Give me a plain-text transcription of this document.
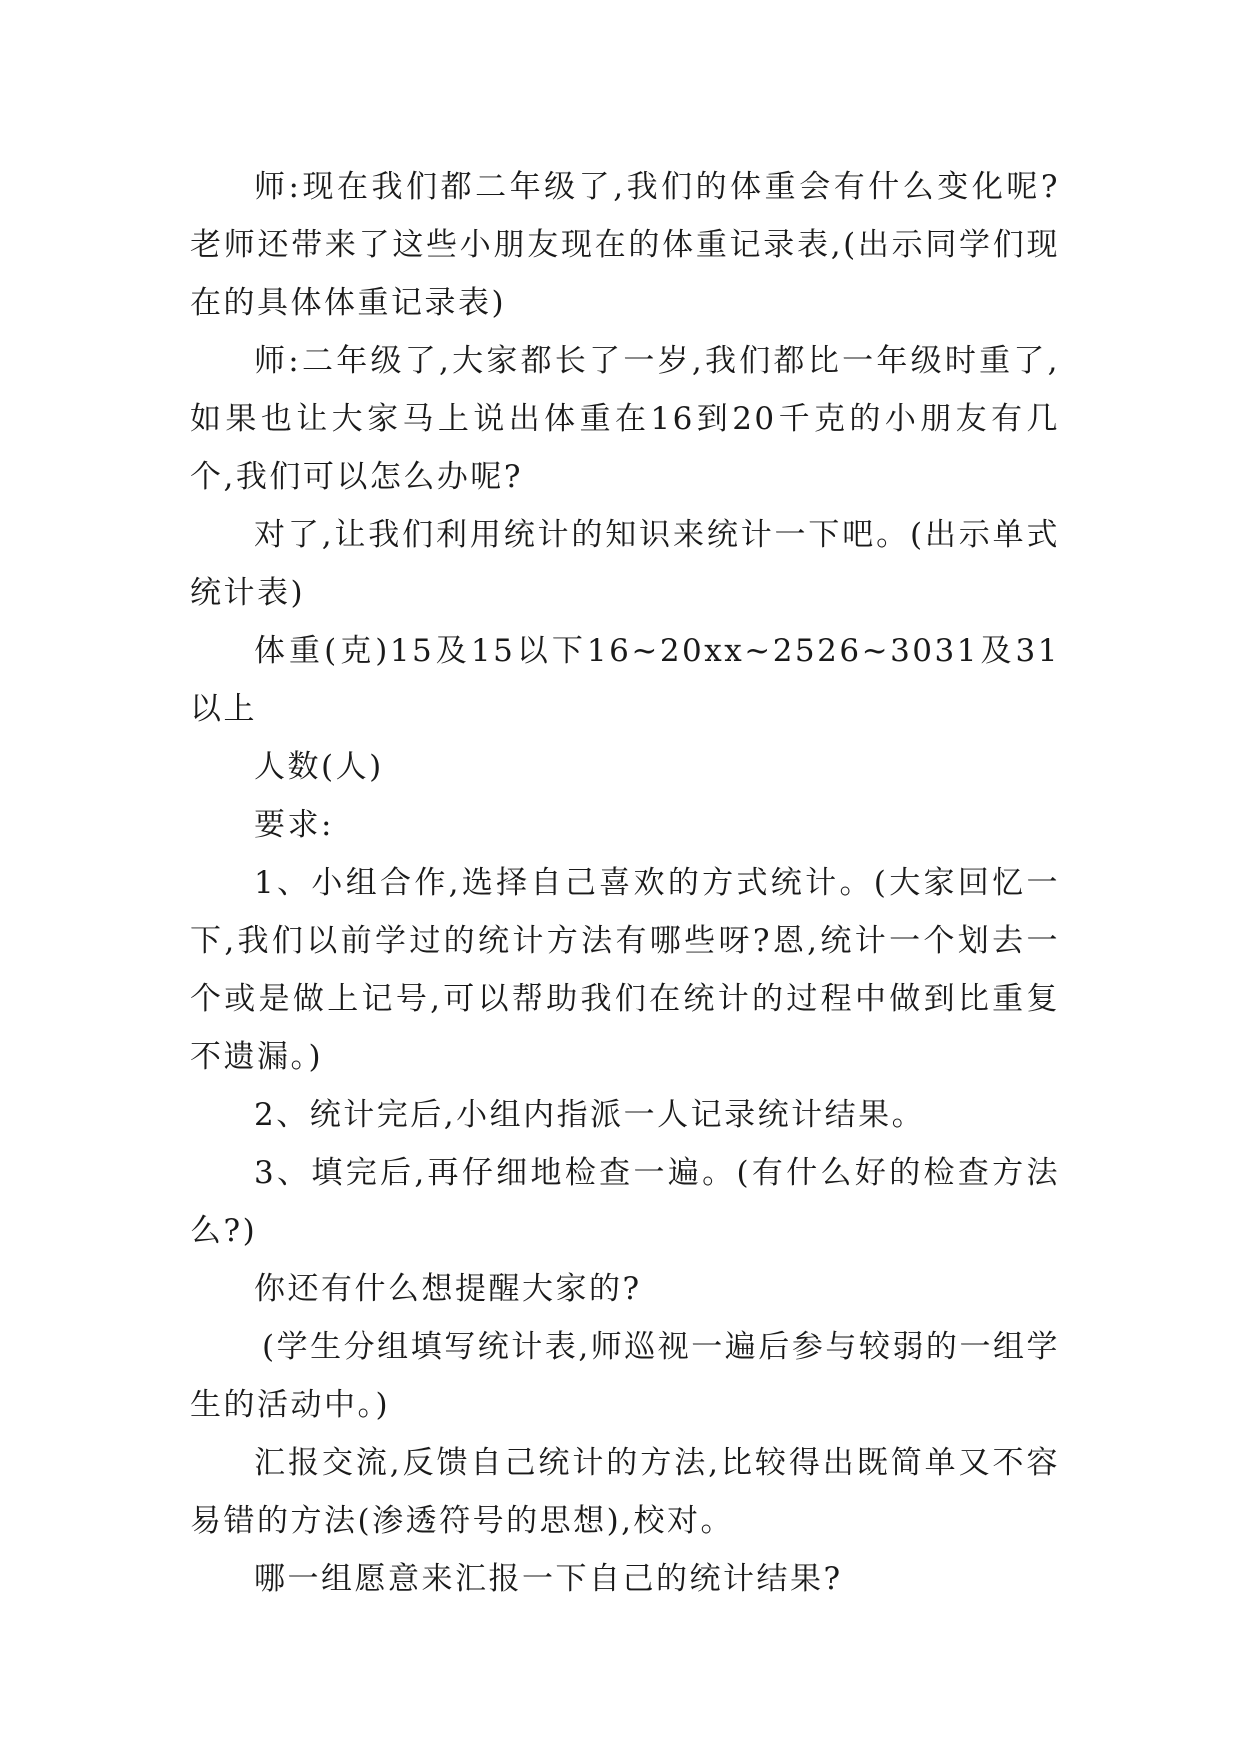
师:现在我们都二年级了,我们的体重会有什么变化呢?老师还带来了这些小朋友现在的体重记录表,(出示同学们现在的具体体重记录表)

师:二年级了,大家都长了一岁,我们都比一年级时重了,如果也让大家马上说出体重在16到20千克的小朋友有几个,我们可以怎么办呢?

对了,让我们利用统计的知识来统计一下吧。(出示单式统计表)

体重(克)15及15以下16~20xx~2526~3031及31以上

人数(人)

要求:

1、小组合作,选择自己喜欢的方式统计。(大家回忆一下,我们以前学过的统计方法有哪些呀?恩,统计一个划去一个或是做上记号,可以帮助我们在统计的过程中做到比重复不遗漏。)

2、统计完后,小组内指派一人记录统计结果。

3、填完后,再仔细地检查一遍。(有什么好的检查方法么?)

你还有什么想提醒大家的?

(学生分组填写统计表,师巡视一遍后参与较弱的一组学生的活动中。)

汇报交流,反馈自己统计的方法,比较得出既简单又不容易错的方法(渗透符号的思想),校对。

哪一组愿意来汇报一下自己的统计结果?
